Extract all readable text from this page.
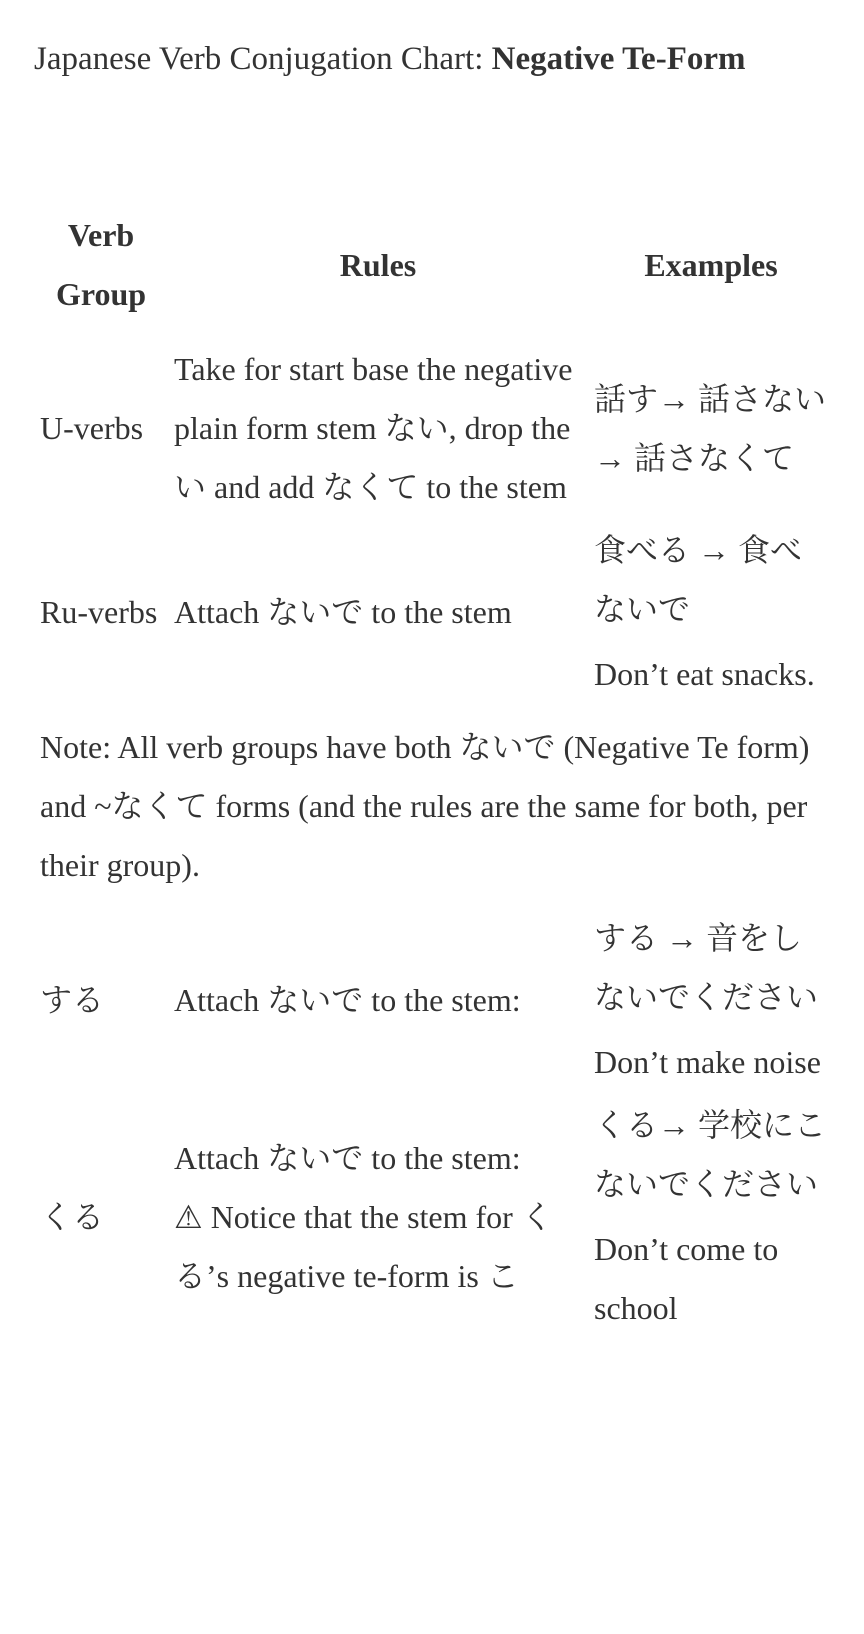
Japanese Verb Conjugation Chart: Negative Te-Form
Verb Group	Rules	Examples
U-verbs	Take for start base the negative plain form stem ない, drop the い and add なくて to the stem	話す→ 話さない → 話さなくて

Ru-verbs	Attach ないで to the stem	食べる → 食べないで
Don’t eat snacks.

Note: All verb groups have both ないで (Negative Te form) and ~なくて forms (and the rules are the same for both, per their group).		
する	Attach ないで to the stem:	する → 音をしないでください
Don’t make noise

くる	Attach ないで to the stem:
⚠ Notice that the stem for くる’s negative te-form is こ	くる→ 学校にこないでください
Don’t come to school
